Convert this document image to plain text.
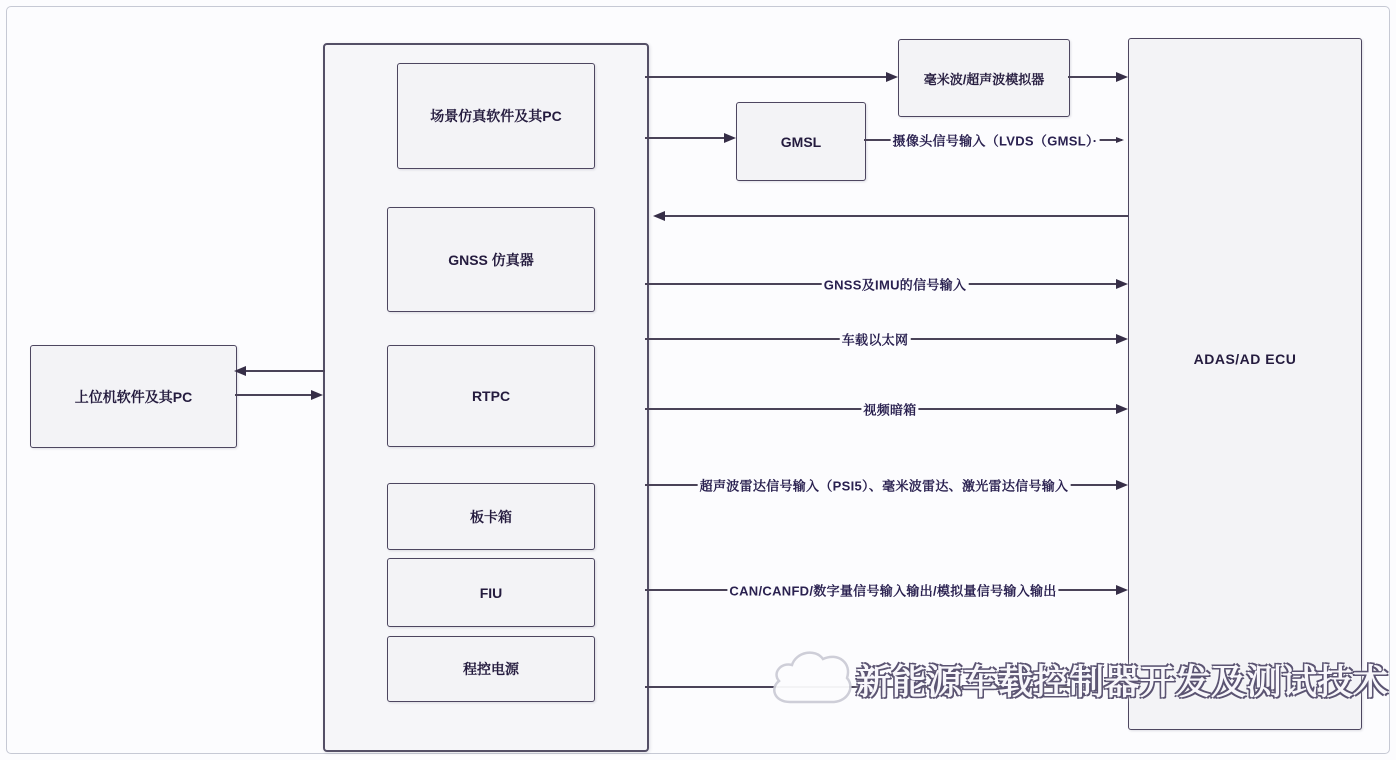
上位机软件及其PC
场景仿真软件及其PC
GNSS 仿真器
RTPC
板卡箱
FIU
程控电源
GMSL
毫米波/超声波模拟器
ADAS/AD ECU
摄像头信号输入（LVDS（GMSL）·
GNSS及IMU的信号输入
车载以太网
视频暗箱
超声波雷达信号输入（PSI5）、毫米波雷达、激光雷达信号输入
CAN/CANFD/数字量信号输入输出/模拟量信号输入输出
新能源车载控制器开发及测试技术
